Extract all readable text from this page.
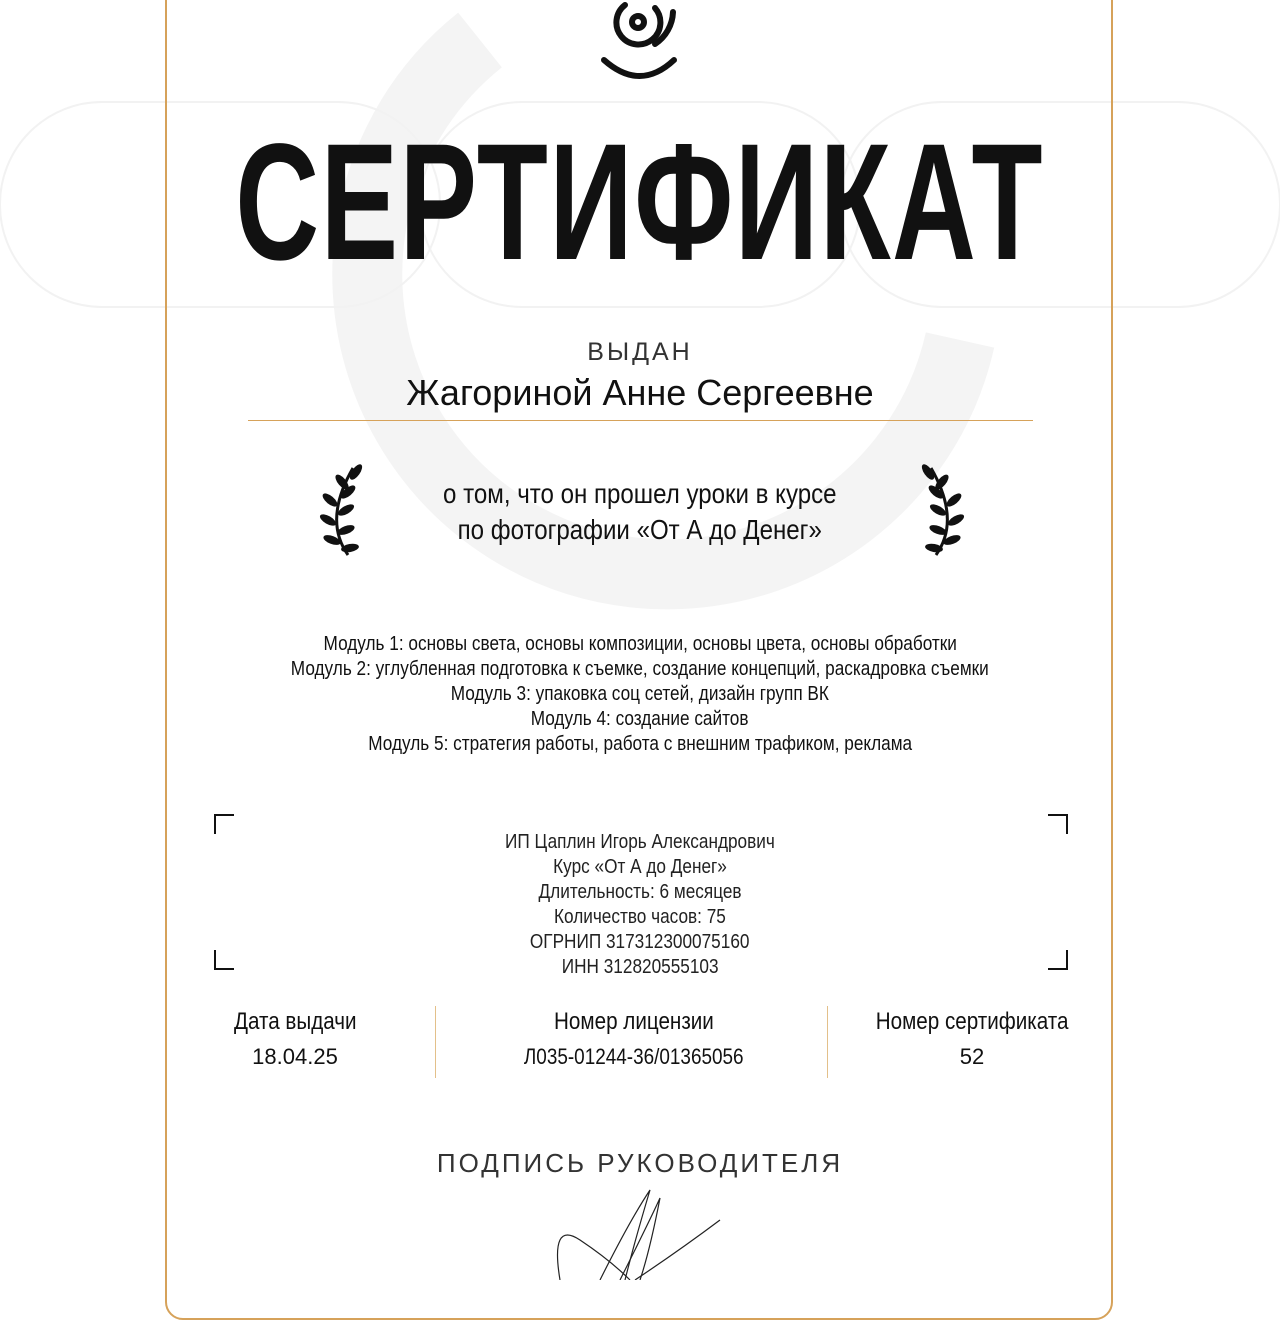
СЕРТИФИКАТ
ВЫДАН
Жагориной Анне Сергеевне
о том, что он прошел уроки в курсе
по фотографии «От А до Денег»
Модуль 1: основы света, основы композиции, основы цвета, основы обработки
Модуль 2: углубленная подготовка к съемке, создание концепций, раскадровка съемки
Модуль 3: упаковка соц сетей, дизайн групп ВК
Модуль 4: создание сайтов
Модуль 5: стратегия работы, работа с внешним трафиком, реклама
ИП Цаплин Игорь Александрович
Курс «От А до Денег»
Длительность: 6 месяцев
Количество часов: 75
ОГРНИП 317312300075160
ИНН 312820555103
Дата выдачи
18.04.25
Номер лицензии
Л035-01244-36/01365056
Номер сертификата
52
ПОДПИСЬ РУКОВОДИТЕЛЯ
